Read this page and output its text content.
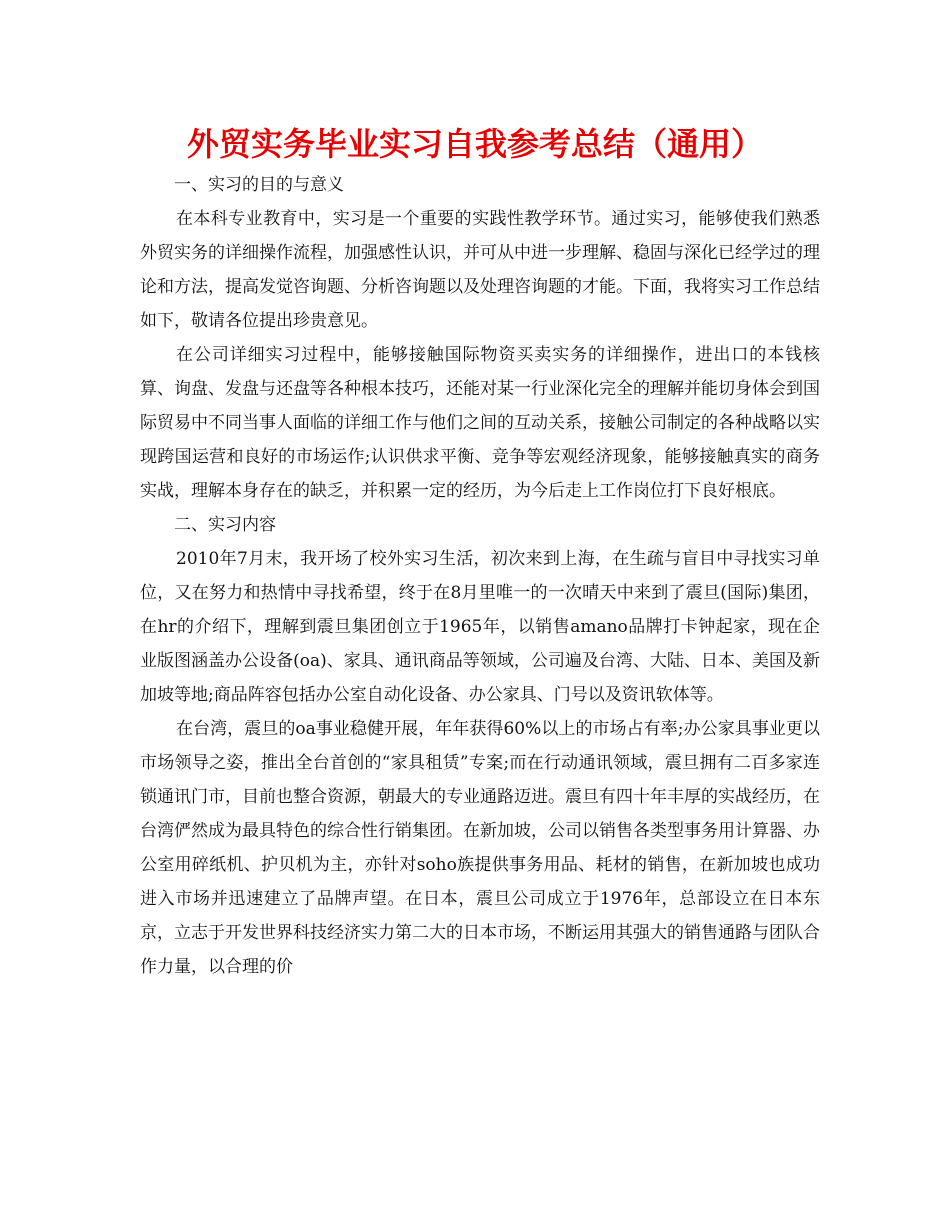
外贸实务毕业实习自我参考总结（通用）

一、实习的目的与意义

在本科专业教育中，实习是一个重要的实践性教学环节。通过实习，能够使我们熟悉外贸实务的详细操作流程，加强感性认识，并可从中进一步理解、稳固与深化已经学过的理论和方法，提高发觉咨询题、分析咨询题以及处理咨询题的才能。下面，我将实习工作总结如下，敬请各位提出珍贵意见。

在公司详细实习过程中，能够接触国际物资买卖实务的详细操作，进出口的本钱核算、询盘、发盘与还盘等各种根本技巧，还能对某一行业深化完全的理解并能切身体会到国际贸易中不同当事人面临的详细工作与他们之间的互动关系，接触公司制定的各种战略以实现跨国运营和良好的市场运作;认识供求平衡、竞争等宏观经济现象，能够接触真实的商务实战，理解本身存在的缺乏，并积累一定的经历，为今后走上工作岗位打下良好根底。

二、实习内容

2010年7月末，我开场了校外实习生活，初次来到上海，在生疏与盲目中寻找实习单位，又在努力和热情中寻找希望，终于在8月里唯一的一次晴天中来到了震旦(国际)集团，在hr的介绍下，理解到震旦集团创立于1965年，以销售amano品牌打卡钟起家，现在企业版图涵盖办公设备(oa)、家具、通讯商品等领域，公司遍及台湾、大陆、日本、美国及新加坡等地;商品阵容包括办公室自动化设备、办公家具、门号以及资讯软体等。

在台湾，震旦的oa事业稳健开展，年年获得60%以上的市场占有率;办公家具事业更以市场领导之姿，推出全台首创的“家具租赁”专案;而在行动通讯领域，震旦拥有二百多家连锁通讯门市，目前也整合资源，朝最大的专业通路迈进。震旦有四十年丰厚的实战经历，在台湾俨然成为最具特色的综合性行销集团。在新加坡，公司以销售各类型事务用计算器、办公室用碎纸机、护贝机为主，亦针对soho族提供事务用品、耗材的销售，在新加坡也成功进入市场并迅速建立了品牌声望。在日本，震旦公司成立于1976年，总部设立在日本东京，立志于开发世界科技经济实力第二大的日本市场，不断运用其强大的销售通路与团队合作力量，以合理的价
